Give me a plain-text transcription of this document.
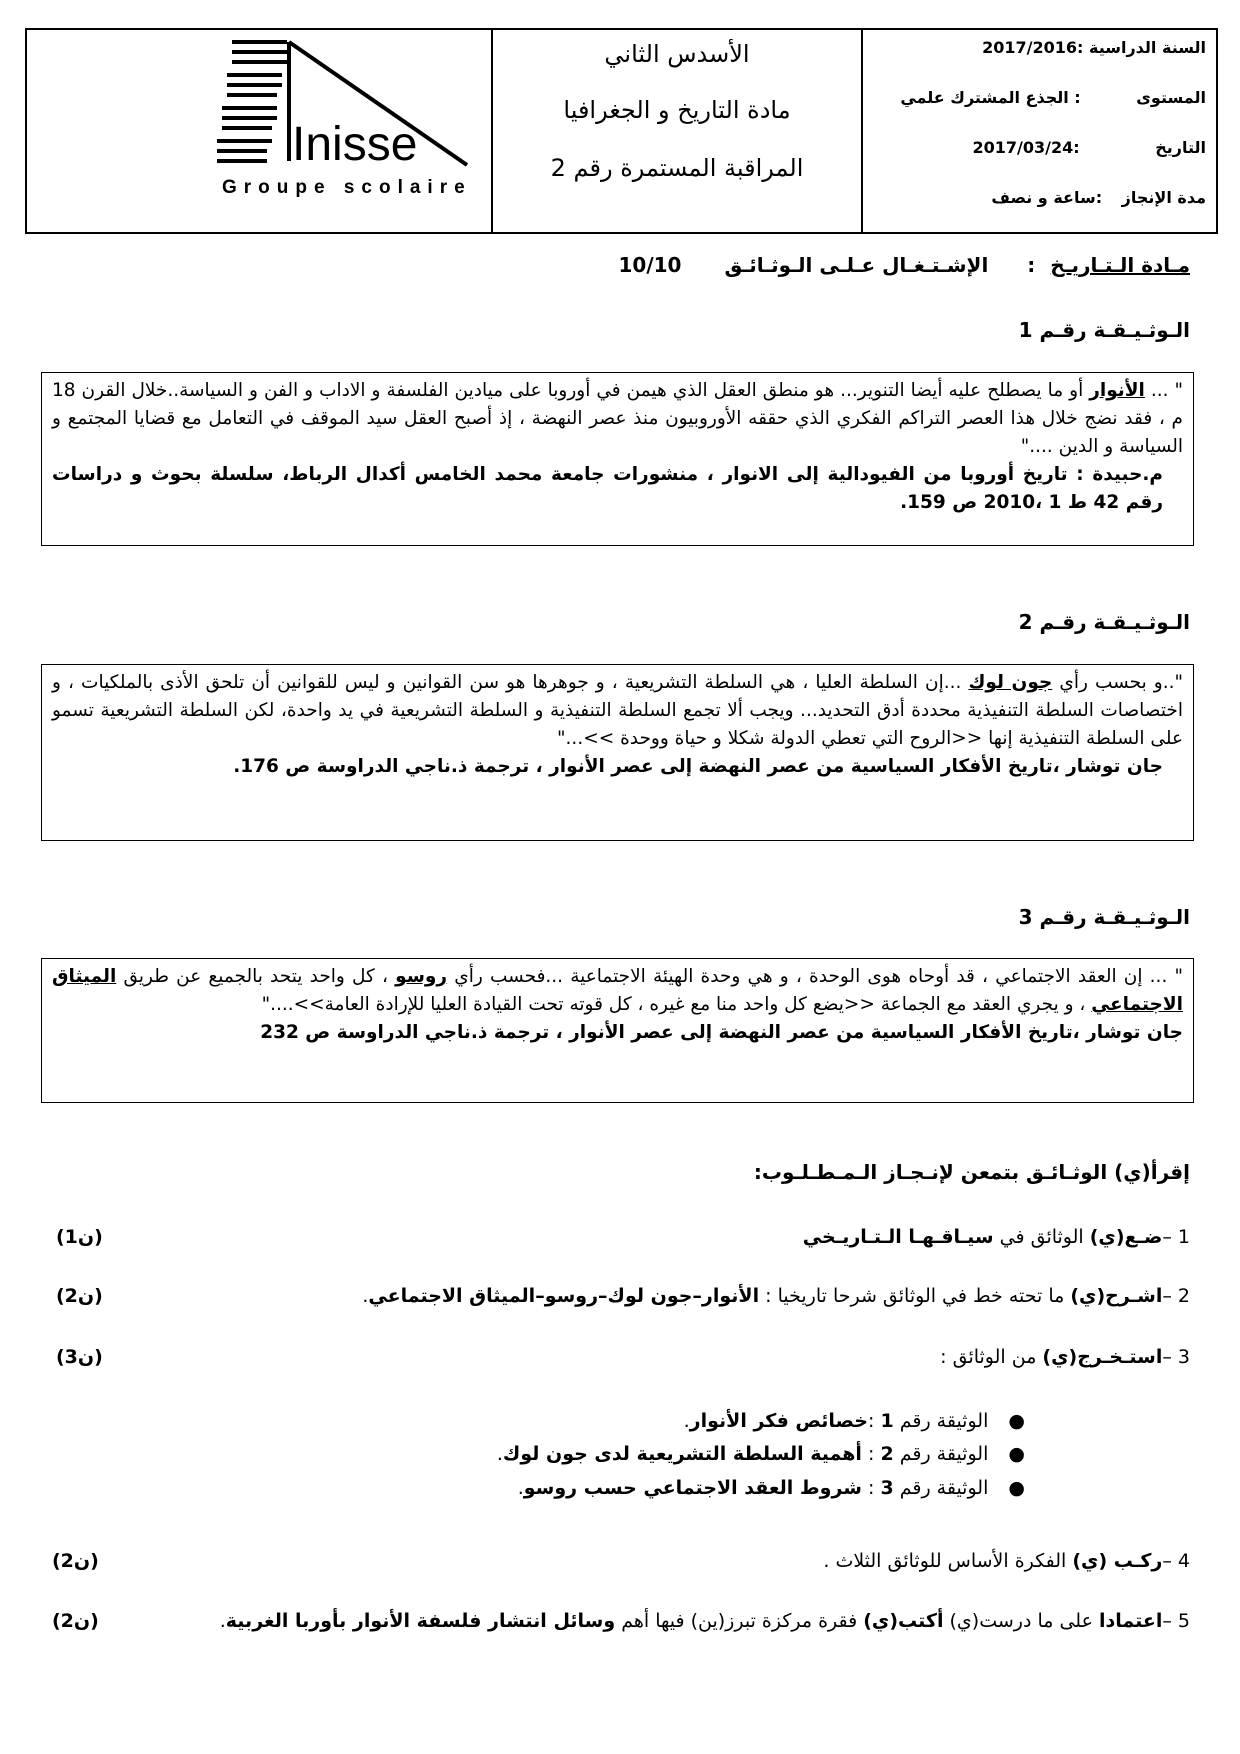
Inisse
Groupe scolaire
الأسدس الثاني
مادة التاريخ و الجغرافيا
المراقبة المستمرة رقم 2
السنة الدراسية :2017/2016
المستوى : الجذع المشترك علمي
التاريخ :2017/03/24
مدة الإنجاز :ساعة و نصف
مـادة الـتـاريـخ : الإشـتـغـال عـلـى الـوثـائـق 10/10
الـوثـيـقـة رقـم 1

" ... الأنوار أو ما يصطلح عليه أيضا التنوير... هو منطق العقل الذي هيمن في أوروبا على ميادين الفلسفة و الاداب و الفن و السياسة..خلال القرن 18 م ، فقد نضج خلال هذا العصر التراكم الفكري الذي حققه الأوروبيون منذ عصر النهضة ، إذ أصبح العقل سيد الموقف في التعامل مع قضايا المجتمع و السياسة و الدين ...."

م.حبيدة : تاريخ أوروبا من الفيودالية إلى الانوار ، منشورات جامعة محمد الخامس أكدال الرباط، سلسلة بحوث و دراسات رقم 42 ط 1 ،2010 ص 159.

الـوثـيـقـة رقـم 2

"..و بحسب رأي جون لوك ...إن السلطة العليا ، هي السلطة التشريعية ، و جوهرها هو سن القوانين و ليس للقوانين أن تلحق الأذى بالملكيات ، و اختصاصات السلطة التنفيذية محددة أدق التحديد... ويجب ألا تجمع السلطة التنفيذية و السلطة التشريعية في يد واحدة، لكن السلطة التشريعية تسمو على السلطة التنفيذية إنها <<الروح التي تعطي الدولة شكلا و حياة ووحدة >>..."

جان توشار ،تاريخ الأفكار السياسية من عصر النهضة إلى عصر الأنوار ، ترجمة ذ.ناجي الدراوسة ص 176.

الـوثـيـقـة رقـم 3

" ... إن العقد الاجتماعي ، قد أوحاه هوى الوحدة ، و هي وحدة الهيئة الاجتماعية ...فحسب رأي روسو ، كل واحد يتحد بالجميع عن طريق الميثاق الاجتماعي ، و يجري العقد مع الجماعة <<يضع كل واحد منا مع غيره ، كل قوته تحت القيادة العليا للإرادة العامة>>...."

جان توشار ،تاريخ الأفكار السياسية من عصر النهضة إلى عصر الأنوار ، ترجمة ذ.ناجي الدراوسة ص 232

إقرأ(ي) الوثـائـق بتمعن لإنـجـاز الـمـطـلـوب:
1 –ضـع(ي) الوثائق في سيـاقـهـا الـتـاريـخي
(1ن)
2 –اشـرح(ي) ما تحته خط في الوثائق شرحا تاريخيا : الأنوار–جون لوك–روسو–الميثاق الاجتماعي.
(2ن)
3 –استـخـرج(ي) من الوثائق :
(3ن)
● الوثيقة رقم 1 :خصائص فكر الأنوار.
● الوثيقة رقم 2 : أهمية السلطة التشريعية لدى جون لوك.
● الوثيقة رقم 3 : شروط العقد الاجتماعي حسب روسو.
4 –ركـب (ي) الفكرة الأساس للوثائق الثلاث .
(2ن)
5 –اعتمادا على ما درست(ي) أكتب(ي) فقرة مركزة تبرز(ين) فيها أهم وسائل انتشار فلسفة الأنوار بأوربا الغربية.
(2ن)
